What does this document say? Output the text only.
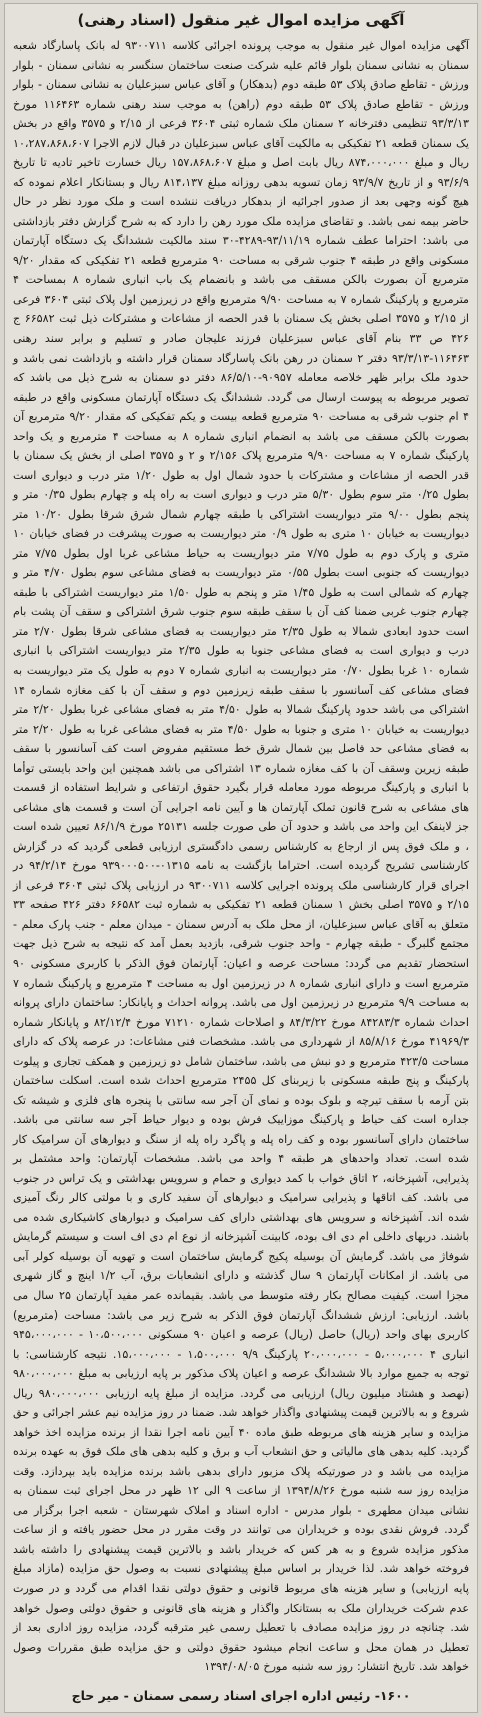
آگهی مزایده اموال غیر منقول (اسناد رهنی)

آگهی مزایده اموال غیر منقول به موجب پرونده اجرائی کلاسه ۹۳۰۰۷۱۱ له بانک پاسارگاد شعبه سمنان به نشانی سمنان بلوار قائم علیه شرکت صنعت ساختمان سنگسر به نشانی سمنان - بلوار ورزش - تقاطع صادق پلاک ۵۳ طبقه دوم (بدهکار) و آقای عباس سبزعلیان به نشانی سمنان - بلوار ورزش - تقاطع صادق پلاک ۵۳ طبقه دوم (راهن) به موجب سند رهنی شماره ۱۱۶۴۶۳ مورخ ۹۳/۳/۱۳ تنظیمی دفترخانه ۲ سمنان ملک شماره ثبتی ۳۶۰۴ فرعی از ۲/۱۵ و ۳۵۷۵ واقع در بخش یک سمنان قطعه ۲۱ تفکیکی به مالکیت آقای عباس سبزعلیان در قبال لازم الاجرا ۱۰،۲۸۷،۸۶۸،۶۰۷ ریال و مبلغ ۸۷۴،۰۰۰،۰۰۰ ریال بابت اصل و مبلغ ۱۵۷،۸۶۸،۶۰۷ ریال خسارت تاخیر تادیه تا تاریخ ۹۳/۶/۹ و از تاریخ ۹۳/۹/۷ زمان تسویه بدهی روزانه مبلغ ۸۱۴،۱۳۷ ریال و بستانکار اعلام نموده که هیچ گونه وجهی بعد از صدور اجرائیه از بدهکار دریافت ننشده است و ملک مورد نظر در حال حاضر بیمه نمی باشد. و تقاضای مزایده ملک مورد رهن را دارد که به شرح گزارش دفتر بازداشتی می باشد: احتراما عطف شماره ۹۳/۱۱/۱۹-۴۲۸۹-۳۰ سند مالکیت ششدانگ یک دستگاه آپارتمان مسکونی واقع در طبقه ۴ جنوب شرقی به مساحت ۹۰ مترمربع قطعه ۲۱ تفکیکی که مقدار ۹/۲۰ مترمربع آن بصورت بالکن مسقف می باشد و بانضمام یک باب انباری شماره ۸ بمساحت ۴ مترمربع و پارکینگ شماره ۷ به مساحت ۹/۹۰ مترمربع واقع در زیرزمین اول پلاک ثبتی ۳۶۰۴ فرعی از ۲/۱۵ و ۳۵۷۵ اصلی بخش یک سمنان با قدر الحصه از مشاعات و مشترکات ذیل ثبت ۶۶۵۸۲ ج ۴۲۶ ص ۳۳ بنام آقای عباس سبزعلیان فرزند علیجان صادر و تسلیم و برابر سند رهنی ۱۱۶۴۶۳-۹۳/۳/۱۳ دفتر ۲ سمنان در رهن بانک پاسارگاد سمنان قرار داشته و بازداشت نمی باشد و حدود ملک برابر ظهر خلاصه معامله ۹۰۹۵۷-۸۶/۵/۱۰ دفتر دو سمنان به شرح ذیل می باشد که تصویر مربوطه به پیوست ارسال می گردد. ششدانگ یک دستگاه آپارتمان مسکونی واقع در طبقه ۴ ام جنوب شرقی به مساحت ۹۰ مترمربع قطعه بیست و یکم تفکیکی که مقدار ۹/۲۰ مترمربع آن بصورت بالکن مسقف می باشد به انضمام انباری شماره ۸ به مساحت ۴ مترمربع و یک واحد پارکینگ شماره ۷ به مساحت ۹/۹۰ مترمربع پلاک ۲/۱۵۶ و ۲ و ۳۵۷۵ اصلی از بخش یک سمنان با قدر الحصه از مشاعات و مشترکات با حدود شمال اول به طول ۱/۲۰ متر درب و دیواری است بطول ۰/۲۵ متر سوم بطول ۵/۳۰ متر درب و دیواری است به راه پله و چهارم بطول ۰/۳۵ متر و پنجم بطول ۹/۰۰ متر دیواریست اشتراکی با طبقه چهارم شمال شرق شرقا بطول ۱۰/۲۰ متر دیواریست به خیابان ۱۰ متری به طول ۰/۹ متر دیواریست به صورت پیشرفت در فضای خیابان ۱۰ متری و پارک دوم به طول ۷/۷۵ متر دیواریست به حیاط مشاعی غربا اول بطول ۷/۷۵ متر دیواریست که جنوبی است بطول ۰/۵۵ متر دیواریست به فضای مشاعی سوم بطول ۴/۷۰ متر و چهارم که شمالی است به طول ۱/۴۵ متر و پنجم به طول ۱/۵۰ متر دیواریست اشتراکی با طبقه چهارم جنوب غربی ضمنا کف آن با سقف طبقه سوم جنوب شرق اشتراکی و سقف آن پشت بام است حدود ابعادی شمالا به طول ۲/۳۵ متر دیواریست به فضای مشاعی شرقا بطول ۲/۷۰ متر درب و دیواری است به فضای مشاعی جنوبا به طول ۲/۳۵ متر دیواریست اشتراکی با انباری شماره ۱۰ غربا بطول ۰/۷۰ متر دیواریست به انباری شماره ۷ دوم به طول یک متر دیواریست به فضای مشاعی کف آسانسور با سقف طبقه زیرزمین دوم و سقف آن با کف مغازه شماره ۱۴ اشتراکی می باشد حدود پارکینگ شمالا به طول ۴/۵۰ متر به فضای مشاعی غربا بطول ۲/۲۰ متر دیواریست به خیابان ۱۰ متری و جنوبا به طول ۴/۵۰ متر به فضای مشاعی غربا به طول ۲/۲۰ متر به فضای مشاعی حد فاصل بین شمال شرق خط مستقیم مفروض است کف آسانسور با سقف طبقه زیرین وسقف آن با کف مغازه شماره ۱۳ اشتراکی می باشد همچنین این واحد بایستی توأما با انباری و پارکینگ مربوطه مورد معامله قرار بگیرد حقوق ارتفاعی و شرایط استفاده از قسمت های مشاعی به شرح قانون تملک آپارتمان ها و آیین نامه اجرایی آن است و قسمت های مشاعی جز لاینفک این واحد می باشد و حدود آن طی صورت جلسه ۲۵۱۳۱ مورخ ۸۶/۱/۹ تعیین شده است ، و ملک فوق پس از ارجاع به کارشناس رسمی دادگستری ارزیابی قطعی گردید که در گزارش کارشناسی تشریح گردیده است. احتراما بازگشت به نامه ۰۱۳۱۵-۹۳۹۰۰۰۵۰۰ مورخ ۹۴/۲/۱۴ در اجرای قرار کارشناسی ملک پرونده اجرایی کلاسه ۹۳۰۰۷۱۱ در ارزیابی پلاک ثبتی ۳۶۰۴ فرعی از ۲/۱۵ و ۳۵۷۵ اصلی بخش ۱ سمنان قطعه ۲۱ تفکیکی به شماره ثبت ۶۶۵۸۲ دفتر ۴۲۶ صفحه ۳۳ متعلق به آقای عباس سبزعلیان، از محل ملک به آدرس سمنان - میدان معلم - جنب پارک معلم - مجتمع گلبرگ - طبقه چهارم - واحد جنوب شرقی، بازدید بعمل آمد که نتیجه به شرح ذیل جهت استحضار تقدیم می گردد: مساحت عرصه و اعیان: آپارتمان فوق الذکر با کاربری مسکونی ۹۰ مترمربع است و دارای انباری شماره ۸ در زیرزمین اول به مساحت ۴ مترمربع و پارکینگ شماره ۷ به مساحت ۹/۹ مترمربع در زیرزمین اول می باشد. پروانه احداث و پایانکار: ساختمان دارای پروانه احداث شماره ۸۴۲۸۳/۳ مورخ ۸۴/۳/۲۲ و اصلاحات شماره ۷۱۲۱۰ مورخ ۸۲/۱۲/۴ و پایانکار شماره ۴۱۹۶۹/۳ مورخ ۸۵/۸/۱۶ از شهرداری می باشد. مشخصات فنی مشاعات: در عرصه پلاک که دارای مساحت ۴۲۳/۵ مترمربع و دو نبش می باشد، ساختمان شامل دو زیرزمین و همکف تجاری و پیلوت پارکینگ و پنج طبقه مسکونی با زیربنای کل ۲۴۵۵ مترمربع احداث شده است. اسکلت ساختمان بتن آرمه با سقف تیرچه و بلوک بوده و نمای آن آجر سه سانتی با پنجره های فلزی و شیشه تک جداره است کف حیاط و پارکینگ موزاییک فرش بوده و دیوار حیاط آجر سه سانتی می باشد. ساختمان دارای آسانسور بوده و کف راه پله و پاگرد راه پله از سنگ و دیوارهای آن سرامیک کار شده است. تعداد واحدهای هر طبقه ۴ واحد می باشد. مشخصات آپارتمان: واحد مشتمل بر پذیرایی، آشپزخانه، ۲ اتاق خواب با کمد دیواری و حمام و سرویس بهداشتی و یک تراس در جنوب می باشد. کف اتاقها و پذیرایی سرامیک و دیوارهای آن سفید کاری و با مولتی کالر رنگ آمیزی شده اند. آشپزخانه و سرویس های بهداشتی دارای کف سرامیک و دیوارهای کاشیکاری شده می باشند. دربهای داخلی ام دی اف بوده، کابینت آشپزخانه از نوع ام دی اف است و سیستم گرمایش شوفاژ می باشد. گرمایش آن بوسیله پکیج گرمایش ساختمان است و تهویه آن بوسیله کولر آبی می باشد. از امکانات آپارتمان ۹ سال گذشته و دارای انشعابات برق، آب ۱/۲ اینچ و گاز شهری مجزا است. کیفیت مصالح بکار رفته متوسط می باشد. بقیمانده عمر مفید آپارتمان ۲۵ سال می باشد. ارزیابی: ارزش ششدانگ آپارتمان فوق الذکر به شرح زیر می باشد: مساحت (مترمربع) کاربری بهای واحد (ریال) حاصل (ریال) عرصه و اعیان ۹۰ مسکونی ۱۰،۵۰۰،۰۰۰ - ۹۴۵،۰۰۰،۰۰۰ انباری ۴ ۵،۰۰۰،۰۰۰ - ۲۰،۰۰۰،۰۰۰ پارکینگ ۹/۹ ۱،۵۰۰،۰۰۰ - ۱۵،۰۰۰،۰۰۰. نتیجه کارشناسی: با توجه به جمیع موارد بالا ششدانگ عرصه و اعیان پلاک مذکور بر پایه ارزیابی به مبلغ ۹۸۰،۰۰۰،۰۰۰ (نهصد و هشتاد میلیون ریال) ارزیابی می گردد. مزایده از مبلغ پایه ارزیابی ۹۸۰،۰۰۰،۰۰۰ ریال شروع و به بالاترین قیمت پیشنهادی واگذار خواهد شد. ضمنا در روز مزایده نیم عشر اجرائی و حق مزایده و سایر هزینه های مربوطه طبق ماده ۴۰ آیین نامه اجرا نقدا از برنده مزایده اخذ خواهد گردید. کلیه بدهی های مالیاتی و حق انشعاب آب و برق و کلیه بدهی های ملک فوق به عهده برنده مزایده می باشد و در صورتیکه پلاک مزبور دارای بدهی باشد برنده مزایده باید بپردازد. وقت مزایده روز سه شنبه مورخ ۱۳۹۴/۸/۲۶ از ساعت ۹ الی ۱۲ ظهر در محل اجرای ثبت سمنان به نشانی میدان مطهری - بلوار مدرس - اداره اسناد و املاک شهرستان - شعبه اجرا برگزار می گردد. فروش نقدی بوده و خریداران می توانند در وقت مقرر در محل حضور یافته و از ساعت مذکور مزایده شروع و به هر کس که خریدار باشد و بالاترین قیمت پیشنهادی را داشته باشد فروخته خواهد شد. لذا خریدار بر اساس مبلغ پیشنهادی نسبت به وصول حق مزایده (مازاد مبلغ پایه ارزیابی) و سایر هزینه های مربوط قانونی و حقوق دولتی نقدا اقدام می گردد و در صورت عدم شرکت خریداران ملک به بستانکار واگذار و هزینه های قانونی و حقوق دولتی وصول خواهد شد. چنانچه در روز مزایده مصادف با تعطیل رسمی غیر مترقبه گردد، مزایده روز اداری بعد از تعطیل در همان محل و ساعت انجام میشود حقوق دولتی و حق مزایده طبق مقررات وصول خواهد شد. تاریخ انتشار: روز سه شنبه مورخ ۱۳۹۴/۰۸/۰۵

۱۶۰۰- رئیس اداره اجرای اسناد رسمی سمنان - میر حاج
